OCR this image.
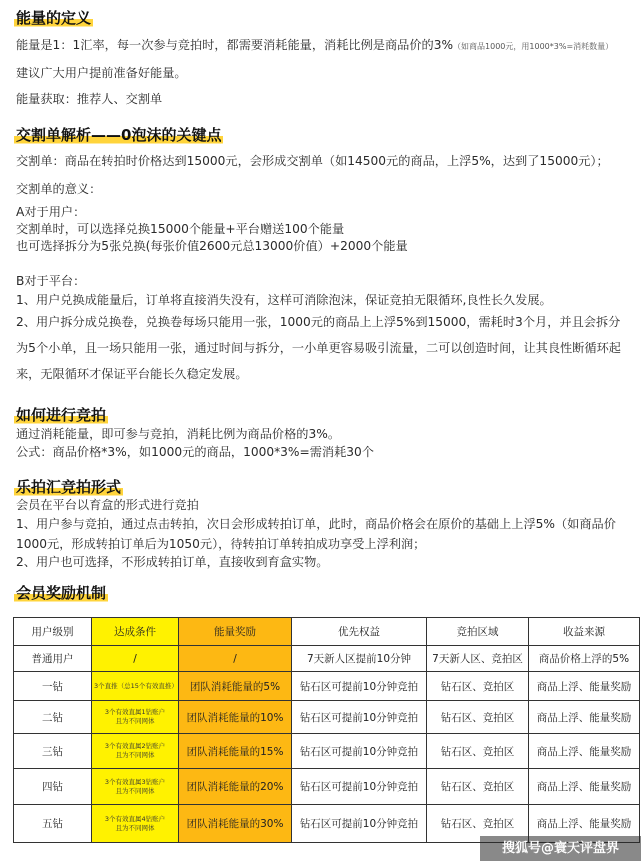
能量的定义
能量是1：1汇率，每一次参与竞拍时，都需要消耗能量，消耗比例是商品价的3%（如商品1000元，用1000*3%=消耗数量）
建议广大用户提前准备好能量。
能量获取：推荐人、交割单
交割单解析——0泡沫的关键点
交割单：商品在转拍时价格达到15000元，会形成交割单（如14500元的商品，上浮5%，达到了15000元）；
交割单的意义：
A对于用户：
交割单时，可以选择兑换15000个能量+平台赠送100个能量
也可选择拆分为5张兑换(每张价值2600元总13000价值）+2000个能量
B对于平台：
1、用户兑换成能量后，订单将直接消失没有，这样可消除泡沫，保证竞拍无限循环,良性长久发展。
2、用户拆分成兑换卷，兑换卷每场只能用一张，1000元的商品上上浮5%到15000，需耗时3个月，并且会拆分为5个小单，且一场只能用一张，通过时间与拆分，一小单更容易吸引流量，二可以创造时间，让其良性断循环起来，无限循环才保证平台能长久稳定发展。
如何进行竞拍
通过消耗能量，即可参与竞拍，消耗比例为商品价格的3%。
公式：商品价格*3%，如1000元的商品，1000*3%=需消耗30个
乐拍汇竞拍形式
会员在平台以育盒的形式进行竞拍
1、用户参与竞拍，通过点击转拍，次日会形成转拍订单，此时，商品价格会在原价的基础上上浮5%（如商品价1000元，形成转拍订单后为1050元），待转拍订单转拍成功享受上浮利润；
2、用户也可选择，不形成转拍订单，直接收到育盒实物。
会员奖励机制
用户级别	达成条件	能量奖励	优先权益	竞拍区域	收益来源
普通用户	/	/	7天新人区提前10分钟	7天新人区、竞拍区	商品价格上浮的5%
一钻	3个直推（总15个有效直推）	团队消耗能量的5%	钻石区可提前10分钟竞拍	钻石区、竞拍区	商品上浮、能量奖励
二钻	3个有效直属1钻账户
且为不同网体	团队消耗能量的10%	钻石区可提前10分钟竞拍	钻石区、竞拍区	商品上浮、能量奖励
三钻	3个有效直属2钻账户
且为不同网体	团队消耗能量的15%	钻石区可提前10分钟竞拍	钻石区、竞拍区	商品上浮、能量奖励
四钻	3个有效直属3钻账户
且为不同网体	团队消耗能量的20%	钻石区可提前10分钟竞拍	钻石区、竞拍区	商品上浮、能量奖励
五钻	3个有效直属4钻账户
且为不同网体	团队消耗能量的30%	钻石区可提前10分钟竞拍	钻石区、竞拍区	商品上浮、能量奖励
搜狐号@寰天评盘界
